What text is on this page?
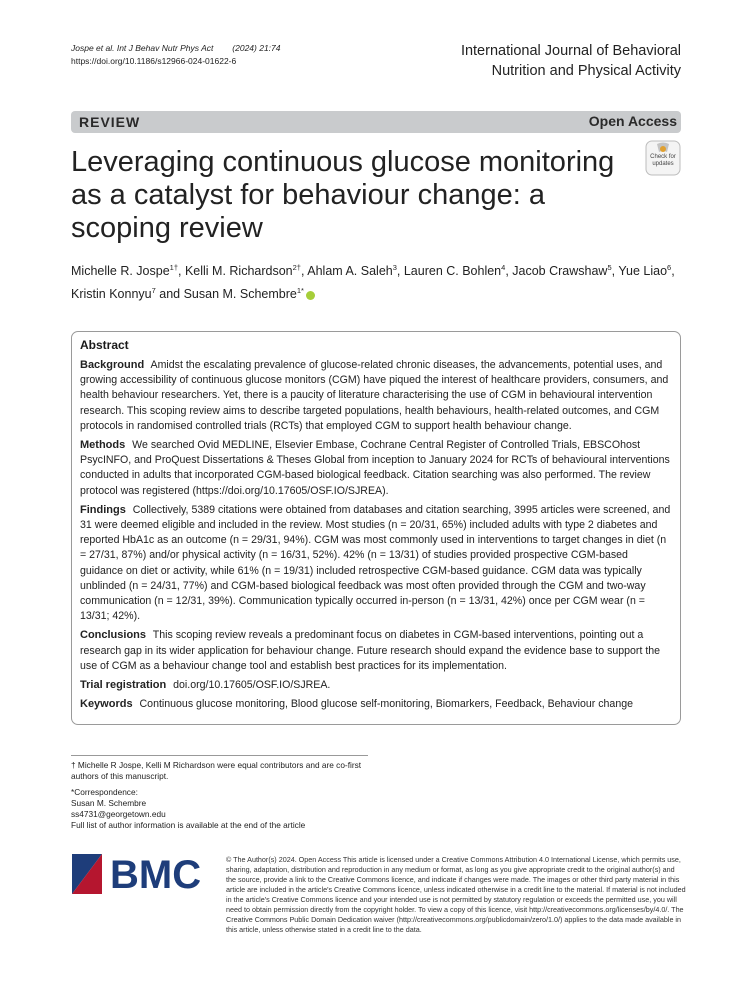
Jospe et al. Int J Behav Nutr Phys Act (2024) 21:74
https://doi.org/10.1186/s12966-024-01622-6
International Journal of Behavioral
Nutrition and Physical Activity
REVIEW	Open Access
Leveraging continuous glucose monitoring as a catalyst for behaviour change: a scoping review
Check for updates
Michelle R. Jospe$^{1\dagger}$, Kelli M. Richardson$^{2\dagger}$, Ahlam A. Saleh$^3$, Lauren C. Bohlen$^4$, Jacob Crawshaw$^5$, Yue Liao$^6$, Kristin Konnyu$^7$ and Susan M. Schembre$^{1*}$
Abstract

Background Amidst the escalating prevalence of glucose-related chronic diseases, the advancements, potential uses, and growing accessibility of continuous glucose monitors (CGM) have piqued the interest of healthcare providers, consumers, and health behaviour researchers. Yet, there is a paucity of literature characterising the use of CGM in behavioural intervention research. This scoping review aims to describe targeted populations, health behaviours, health-related outcomes, and CGM protocols in randomised controlled trials (RCTs) that employed CGM to support health behaviour change.

Methods We searched Ovid MEDLINE, Elsevier Embase, Cochrane Central Register of Controlled Trials, EBSCOhost PsycINFO, and ProQuest Dissertations & Theses Global from inception to January 2024 for RCTs of behavioural interventions conducted in adults that incorporated CGM-based biological feedback. Citation searching was also performed. The review protocol was registered (https://doi.org/10.17605/OSF.IO/SJREA).

Findings Collectively, 5389 citations were obtained from databases and citation searching, 3995 articles were screened, and 31 were deemed eligible and included in the review. Most studies (n = 20/31, 65%) included adults with type 2 diabetes and reported HbA1c as an outcome (n = 29/31, 94%). CGM was most commonly used in interventions to target changes in diet (n = 27/31, 87%) and/or physical activity (n = 16/31, 52%). 42% (n = 13/31) of studies provided prospective CGM-based guidance on diet or activity, while 61% (n = 19/31) included retrospective CGM-based guidance. CGM data was typically unblinded (n = 24/31, 77%) and CGM-based biological feedback was most often provided through the CGM and two-way communication (n = 12/31, 39%). Communication typically occurred in-person (n = 13/31, 42%) once per CGM wear (n = 13/31; 42%).

Conclusions This scoping review reveals a predominant focus on diabetes in CGM-based interventions, pointing out a research gap in its wider application for behaviour change. Future research should expand the evidence base to support the use of CGM as a behaviour change tool and establish best practices for its implementation.

Trial registration doi.org/10.17605/OSF.IO/SJREA.

Keywords Continuous glucose monitoring, Blood glucose self-monitoring, Biomarkers, Feedback, Behaviour change

† Michelle R Jospe, Kelli M Richardson were equal contributors and are co-first authors of this manuscript.
*Correspondence:
Susan M. Schembre
ss4731@georgetown.edu
Full list of author information is available at the end of the article
BMC	© The Author(s) 2024. Open Access This article is licensed under a Creative Commons Attribution 4.0 International License, which permits use, sharing, adaptation, distribution and reproduction in any medium or format, as long as you give appropriate credit to the original author(s) and the source, provide a link to the Creative Commons licence, and indicate if changes were made. The images or other third party material in this article are included in the article's Creative Commons licence, unless indicated otherwise in a credit line to the material. If material is not included in the article's Creative Commons licence and your intended use is not permitted by statutory regulation or exceeds the permitted use, you will need to obtain permission directly from the copyright holder. To view a copy of this licence, visit http://creativecommons.org/licenses/by/4.0/. The Creative Commons Public Domain Dedication waiver (http://creativecommons.org/publicdomain/zero/1.0/) applies to the data made available in this article, unless otherwise stated in a credit line to the data.
